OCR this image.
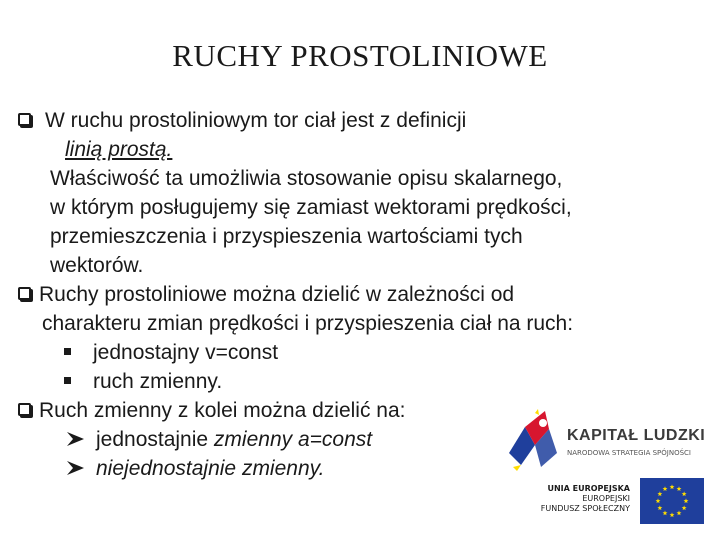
RUCHY PROSTOLINIOWE
W ruchu prostoliniowym tor ciał jest z definicji
linią prostą.
Właściwość ta umożliwia stosowanie opisu skalarnego,
w którym posługujemy się zamiast wektorami prędkości,
przemieszczenia i przyspieszenia wartościami tych
wektorów.
Ruchy prostoliniowe można dzielić w zależności od
charakteru zmian prędkości i przyspieszenia ciał na ruch:
jednostajny v=const
ruch zmienny.
Ruch zmienny z kolei można dzielić na:
jednostajnie zmienny a=const
niejednostajnie zmienny.
KAPITAŁ LUDZKI
NARODOWA STRATEGIA SPÓJNOŚCI
UNIA EUROPEJSKA
EUROPEJSKI
FUNDUSZ SPOŁECZNY
